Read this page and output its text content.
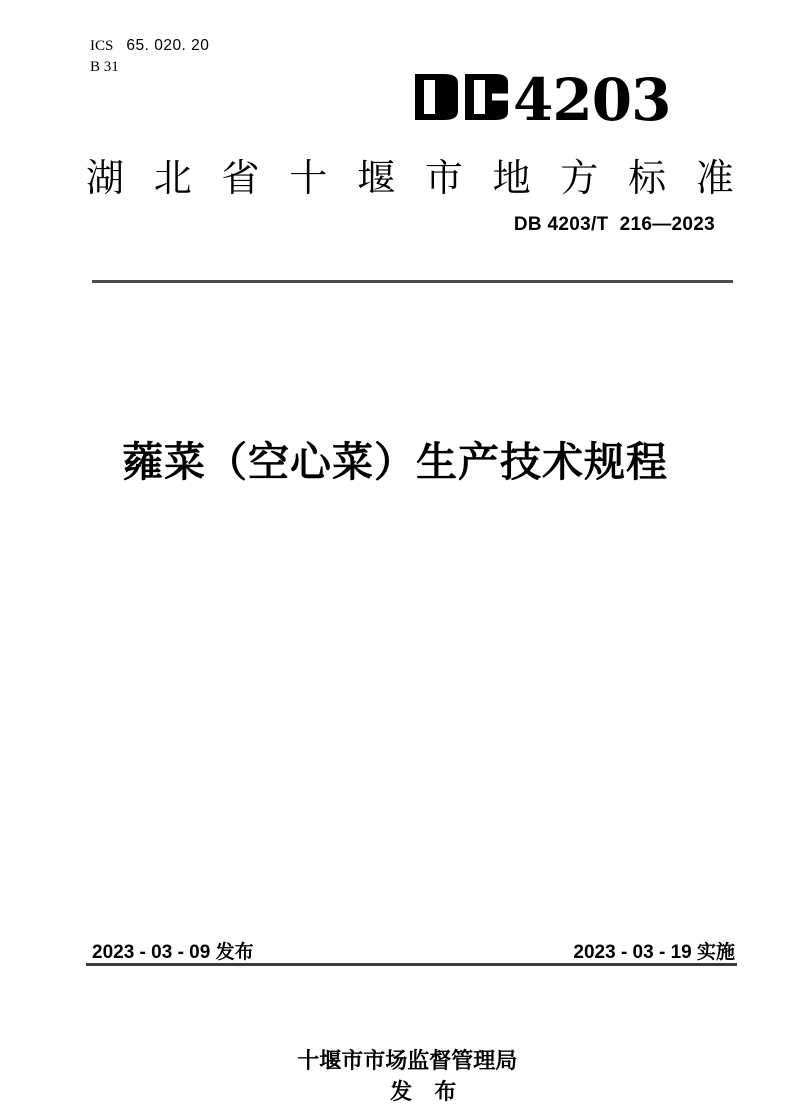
ICS 65. 020. 20
B 31	4203
湖 北 省 十 堰 市 地 方 标 准
DB 4203/T  216—2023
蕹菜（空心菜）生产技术规程
2023 - 03 - 09 发布	2023 - 03 - 19 实施

十堰市市场监督管理局
发 布
